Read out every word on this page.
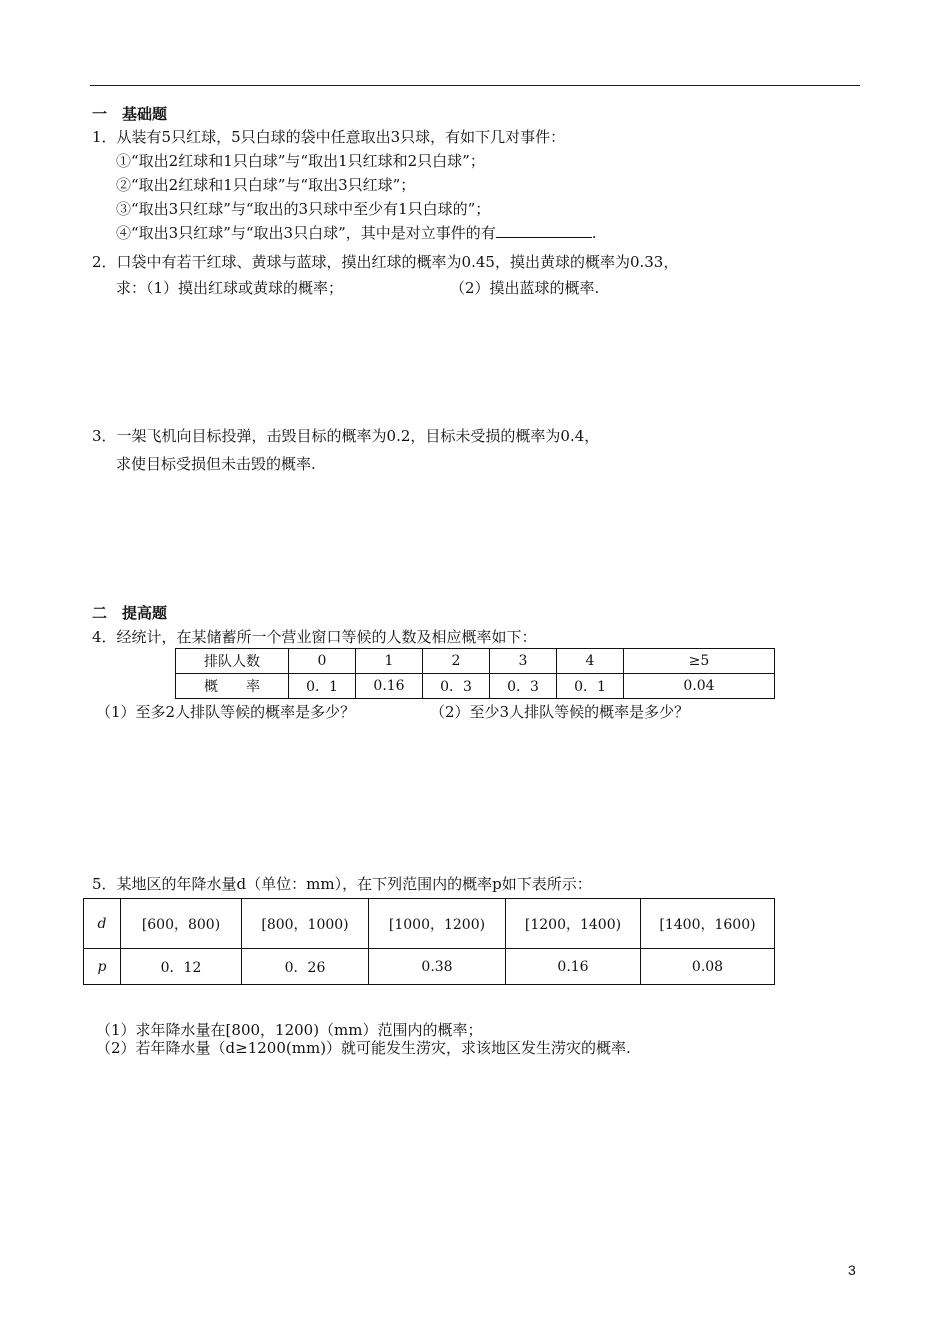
一　基础题
1．从装有5只红球，5只白球的袋中任意取出3只球，有如下几对事件：
①“取出2红球和1只白球”与“取出1只红球和2只白球”；
②“取出2红球和1只白球”与“取出3只红球”；
③“取出3只红球”与“取出的3只球中至少有1只白球的”；
④“取出3只红球”与“取出3只白球”，其中是对立事件的有	.
2．口袋中有若干红球、黄球与蓝球，摸出红球的概率为0.45，摸出黄球的概率为0.33，
求：（1）摸出红球或黄球的概率；	（2）摸出蓝球的概率.
3．一架飞机向目标投弹，击毁目标的概率为0.2，目标未受损的概率为0.4，
求使目标受损但未击毁的概率.
二　提高题
4．经统计，在某储蓄所一个营业窗口等候的人数及相应概率如下：
排队人数	0	1	2	3	4	≥5
概　　率	0．1	0.16	0．3	0．3	0．1	0.04
（1）至多2人排队等候的概率是多少？	（2）至少3人排队等候的概率是多少？
5．某地区的年降水量d（单位：mm），在下列范围内的概率p如下表所示：
d	[600，800)	[800，1000)	[1000，1200)	[1200，1400)	[1400，1600)
p	0．12	0．26	0.38	0.16	0.08
（1）求年降水量在[800，1200)（mm）范围内的概率；
（2）若年降水量（d≥1200(mm)）就可能发生涝灾，求该地区发生涝灾的概率.
3
